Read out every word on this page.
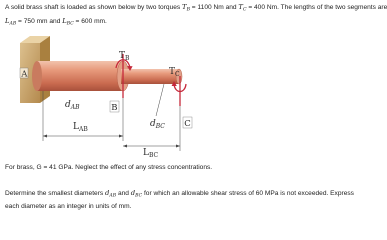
A solid brass shaft is loaded as shown below by two torques $T_B = 1100$ Nm and $T_C = 400$ Nm. The lengths of the two segments are
$L_{AB} = 750$ mm and $L_{BC} = 600$ mm.

A
B
C
$T_B$
$T_C$
$d_{AB}$
$d_{BC}$
$L_{AB}$
$L_{BC}$

For brass, G = 41 GPa. Neglect the effect of any stress concentrations.

Determine the smallest diameters $d_{AB}$ and $d_{BC}$ for which an allowable shear stress of 60 MPa is not exceeded. Express
each diameter as an integer in units of mm.
